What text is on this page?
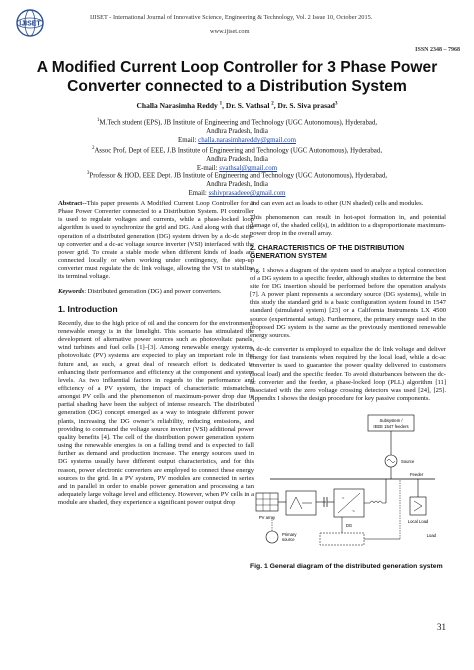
IJISET
IJISET - International Journal of Innovative Science, Engineering & Technology, Vol. 2 Issue 10, October 2015.
www.ijiset.com
ISSN 2348 – 7968
A Modified Current Loop Controller for 3 Phase Power Converter connected to a Distribution System
Challa Narasimha Reddy $^1$, Dr. S. Vathsal $^2$, Dr. S. Siva prasad$^3$
$^1$M.Tech student (EPS), JB Institute of Engineering and Technology (UGC Autonomous), Hyderabad,
Andhra Pradesh, India
Email: challa.narasimhareddy@gmail.com
$^2$Assoc Prof, Dept of EEE, J.B Institute of Engineering and Technology (UGC Autonomous), Hyderabad,
Andhra Pradesh, India
E-mail: svathsal@gmail.com
$^3$Professor & HOD, EEE Dept. JB Institute of Engineering and Technology (UGC Autonomous), Hyderabad,
Andhra Pradesh, India
Email: sshivprasadeee@gmail.com

Abstract--This paper presents A Modified Current Loop Controller for 3 Phase Power Converter connected to a Distribution System. PI controller is used to regulate voltages and currents, while a phase-locked loop algorithm is used to synchronize the grid and DG. And along with that the operation of a distributed generation (DG) system driven by a dc-dc step-up converter and a dc-ac voltage source inverter (VSI) interfaced with the power grid. To create a stable mode when different kinds of loads are connected locally or when working under contingency, the step-up converter must regulate the dc link voltage, allowing the VSI to stabilize its terminal voltage.

Keywords: Distributed generation (DG) and power converters.

1. Introduction

Recently, due to the high price of oil and the concern for the environment, renewable energy is in the limelight. This scenario has stimulated the development of alternative power sources such as photovoltaic panels, wind turbines and fuel cells [1]–[3]. Among renewable energy systems, photovoltaic (PV) systems are expected to play an important role in the future and, as such, a great deal of research effort is dedicated to enhancing their performance and efficiency at the component and system levels. As two influential factors in regards to the performance and efficiency of a PV system, the impact of characteristic mismatches amongst PV cells and the phenomenon of maximum-power drop due to partial shading have been the subject of intense research. The distributed generation (DG) concept emerged as a way to integrate different power plants, increasing the DG owner’s reliability, reducing emissions, and providing to command the voltage source inverter (VSI) additional power quality benefits [4]. The cell of the distribution power generation system using the renewable energies is on a falling trend and is expected to fall further as demand and production increase. The energy sources used in DG systems usually have different output characteristics, and for this reason, power electronic converters are employed to connect these energy sources to the grid. In a PV system, PV modules are connected in series and in parallel in order to enable power generation and processing a tan adequately large voltage level and efficiency. However, when PV cells in a module are shaded, they experience a significant power output drop

and can even act as loads to other (UN shaded) cells and modules.

This phenomenon can result in hot-spot formation in, and potential damage of, the shaded cell(s), in addition to a disproportionate maximum-power drop in the overall array.

2. CHARACTERISTICS OF THE DISTRIBUTION GENERATION SYSTEM

Fig. 1 shows a diagram of the system used to analyze a typical connection of a DG system to a specific feeder, although studies to determine the best site for DG insertion should be performed before the operation analysis [7]. A power plant represents a secondary source (DG systems), while in this study the standard grid is a basic configuration system found in 1547 standard (simulated system) [23] or a California Instruments LX 4500 source (experimental setup). Furthermore, the primary energy used in the proposed DG system is the same as the previously mentioned renewable energy sources.

A dc-dc converter is employed to equalize the dc link voltage and deliver energy for fast transients when required by the local load, while a dc-ac converter is used to guarantee the power quality delivered to customers (local load) and the specific feeder. To avoid disturbances between the dc-ac converter and the feeder, a phase-locked loop (PLL) algorithm [11] associated with the zero voltage crossing detectors was used [24], [25]. Appendix I shows the design procedure for key passive components.

Subsystem /
IEEE 1547 feeders
Source
Feeder
PV array
=
~
DG
Local Load
Primary
source
Load

Fig. 1 General diagram of the distributed generation system

31
